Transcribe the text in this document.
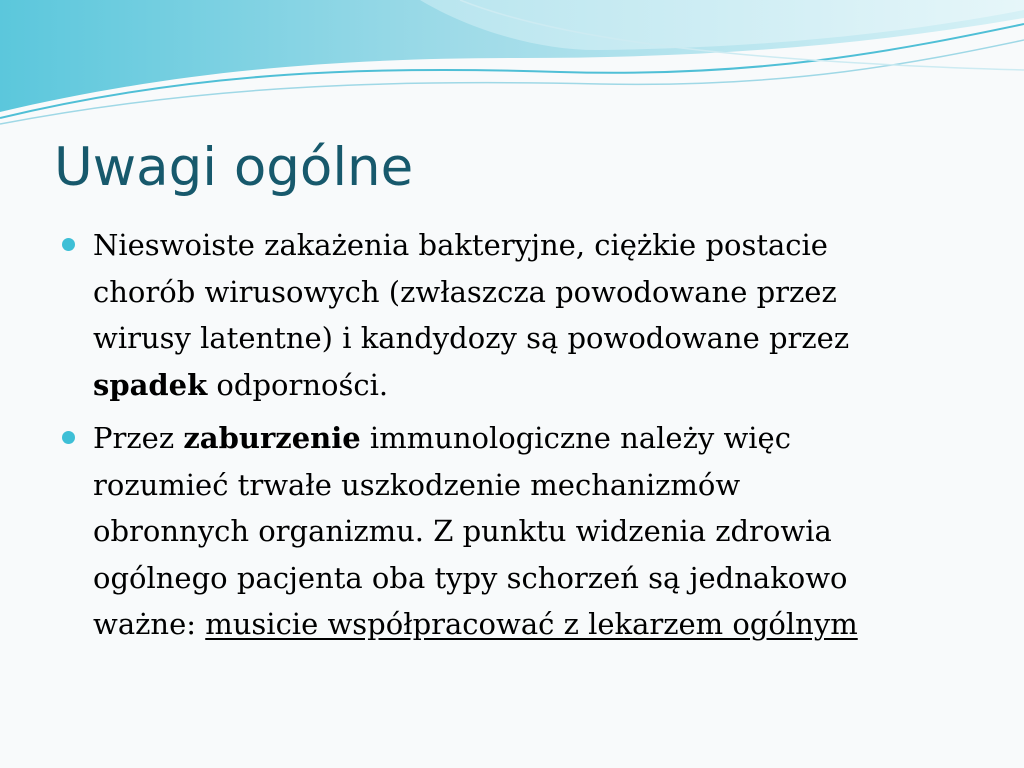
Uwagi ogólne
Nieswoiste zakażenia bakteryjne, ciężkie postacie
chorób wirusowych (zwłaszcza powodowane przez
wirusy latentne) i kandydozy są powodowane przez
spadek odporności.
Przez zaburzenie immunologiczne należy więc
rozumieć trwałe uszkodzenie mechanizmów
obronnych organizmu. Z punktu widzenia zdrowia
ogólnego pacjenta oba typy schorzeń są jednakowo
ważne: musicie współpracować z lekarzem ogólnym
